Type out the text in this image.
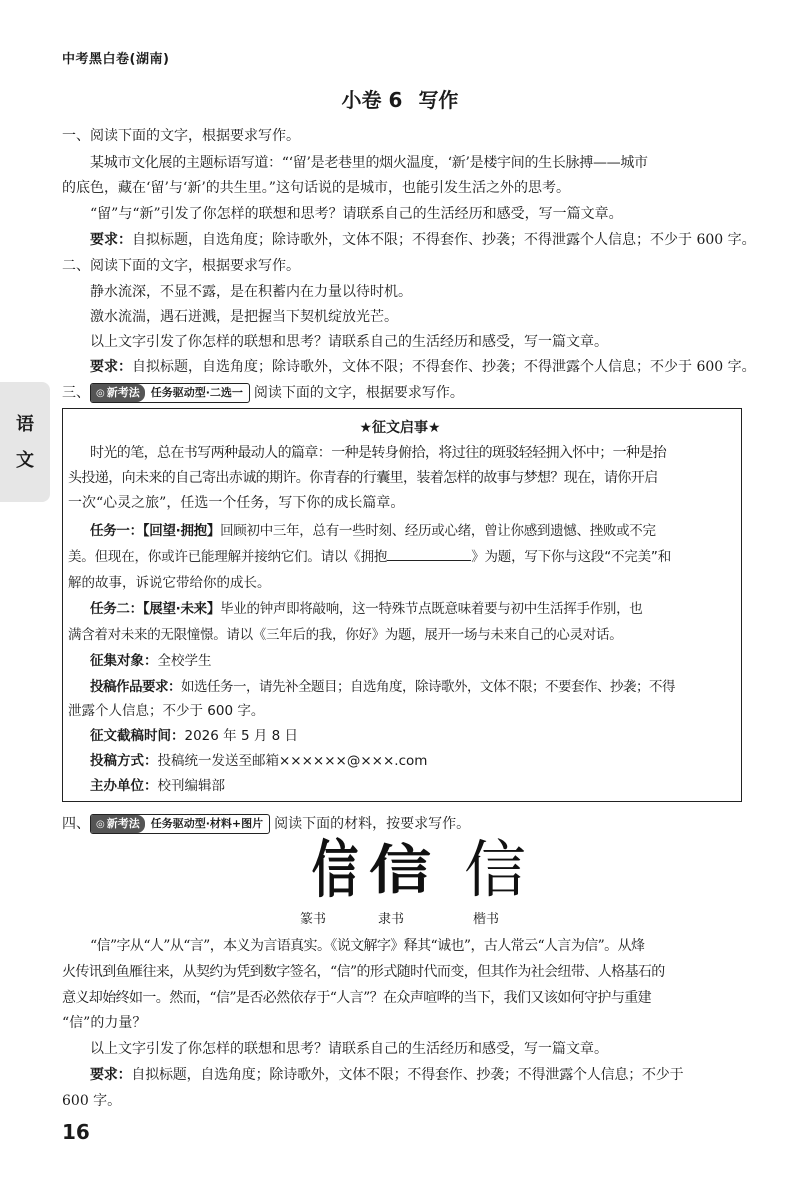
中考黑白卷(湖南)
小卷 6 写作
语
文
一、阅读下面的文字，根据要求写作。
某城市文化展的主题标语写道：“‘留’是老巷里的烟火温度，‘新’是楼宇间的生长脉搏——城市
的底色，藏在‘留’与‘新’的共生里。”这句话说的是城市，也能引发生活之外的思考。
“留”与“新”引发了你怎样的联想和思考？请联系自己的生活经历和感受，写一篇文章。
要求：自拟标题，自选角度；除诗歌外，文体不限；不得套作、抄袭；不得泄露个人信息；不少于 600 字。
二、阅读下面的文字，根据要求写作。
静水流深，不显不露，是在积蓄内在力量以待时机。
激水流湍，遇石迸溅，是把握当下契机绽放光芒。
以上文字引发了你怎样的联想和思考？请联系自己的生活经历和感受，写一篇文章。
要求：自拟标题，自选角度；除诗歌外，文体不限；不得套作、抄袭；不得泄露个人信息；不少于 600 字。
三、	◎ 新考法	任务驱动型·二选一 阅读下面的文字，根据要求写作。
★征文启事★
时光的笔，总在书写两种最动人的篇章：一种是转身俯拾，将过往的斑驳轻轻拥入怀中；一种是抬
头投递，向未来的自己寄出赤诚的期许。你青春的行囊里，装着怎样的故事与梦想？现在，请你开启
一次“心灵之旅”，任选一个任务，写下你的成长篇章。
任务一：【回望·拥抱】回顾初中三年，总有一些时刻、经历或心绪，曾让你感到遗憾、挫败或不完
美。但现在，你或许已能理解并接纳它们。请以《拥抱	》为题，写下你与这段“不完美”和
解的故事，诉说它带给你的成长。
任务二：【展望·未来】毕业的钟声即将敲响，这一特殊节点既意味着要与初中生活挥手作别，也
满含着对未来的无限憧憬。请以《三年后的我，你好》为题，展开一场与未来自己的心灵对话。
征集对象：全校学生
投稿作品要求：如选任务一，请先补全题目；自选角度，除诗歌外，文体不限；不要套作、抄袭；不得
泄露个人信息；不少于 600 字。
征文截稿时间：2026 年 5 月 8 日
投稿方式：投稿统一发送至邮箱××××××@×××.com
主办单位：校刊编辑部
四、	◎ 新考法	任务驱动型·材料+图片 阅读下面的材料，按要求写作。
信 信 信
篆书	隶书	楷书
“信”字从“人”从“言”，本义为言语真实。《说文解字》释其“诚也”，古人常云“人言为信”。从烽
火传讯到鱼雁往来，从契约为凭到数字签名，“信”的形式随时代而变，但其作为社会纽带、人格基石的
意义却始终如一。然而，“信”是否必然依存于“人言”？在众声喧哗的当下，我们又该如何守护与重建
“信”的力量？
以上文字引发了你怎样的联想和思考？请联系自己的生活经历和感受，写一篇文章。
要求：自拟标题，自选角度；除诗歌外，文体不限；不得套作、抄袭；不得泄露个人信息；不少于
600 字。
16
